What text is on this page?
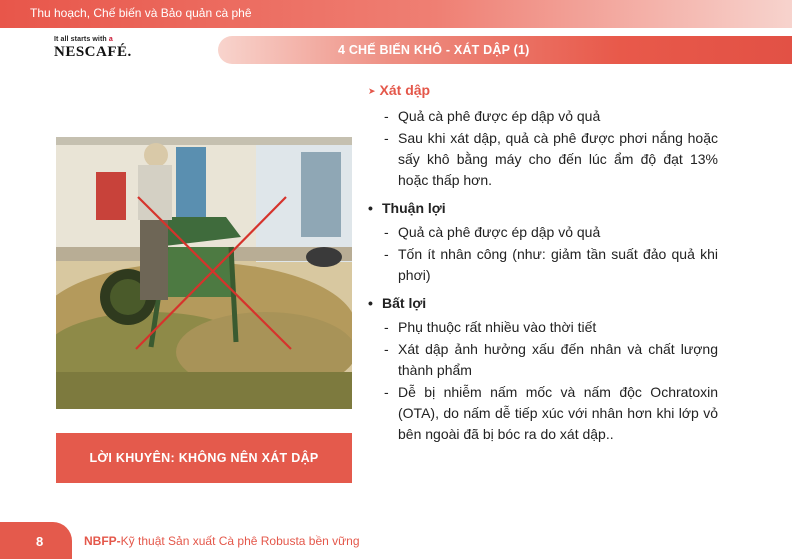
Thu hoạch, Chế biến và Bảo quản cà phê
It all starts with a
NESCAFÉ.	4 CHẾ BIẾN KHÔ - XÁT DẬP (1)
LỜI KHUYÊN: KHÔNG NÊN XÁT DẬP
➤ Xát dập
- Quả cà phê được ép dập vỏ quả
- Sau khi xát dập, quả cà phê được phơi nắng hoặc sấy khô bằng máy cho đến lúc ẩm độ đạt 13% hoặc thấp hơn.
• Thuận lợi
- Quả cà phê được ép dập vỏ quả
- Tốn ít nhân công (như: giảm tần suất đảo quả khi phơi)
• Bất lợi
- Phụ thuộc rất nhiều vào thời tiết
- Xát dập ảnh hưởng xấu đến nhân và chất lượng thành phẩm
- Dễ bị nhiễm nấm mốc và nấm độc Ochratoxin (OTA), do nấm dễ tiếp xúc với nhân hơn khi lớp vỏ bên ngoài đã bị bóc ra do xát dập..
8	NBFP-Kỹ thuật Sản xuất Cà phê Robusta bền vững
